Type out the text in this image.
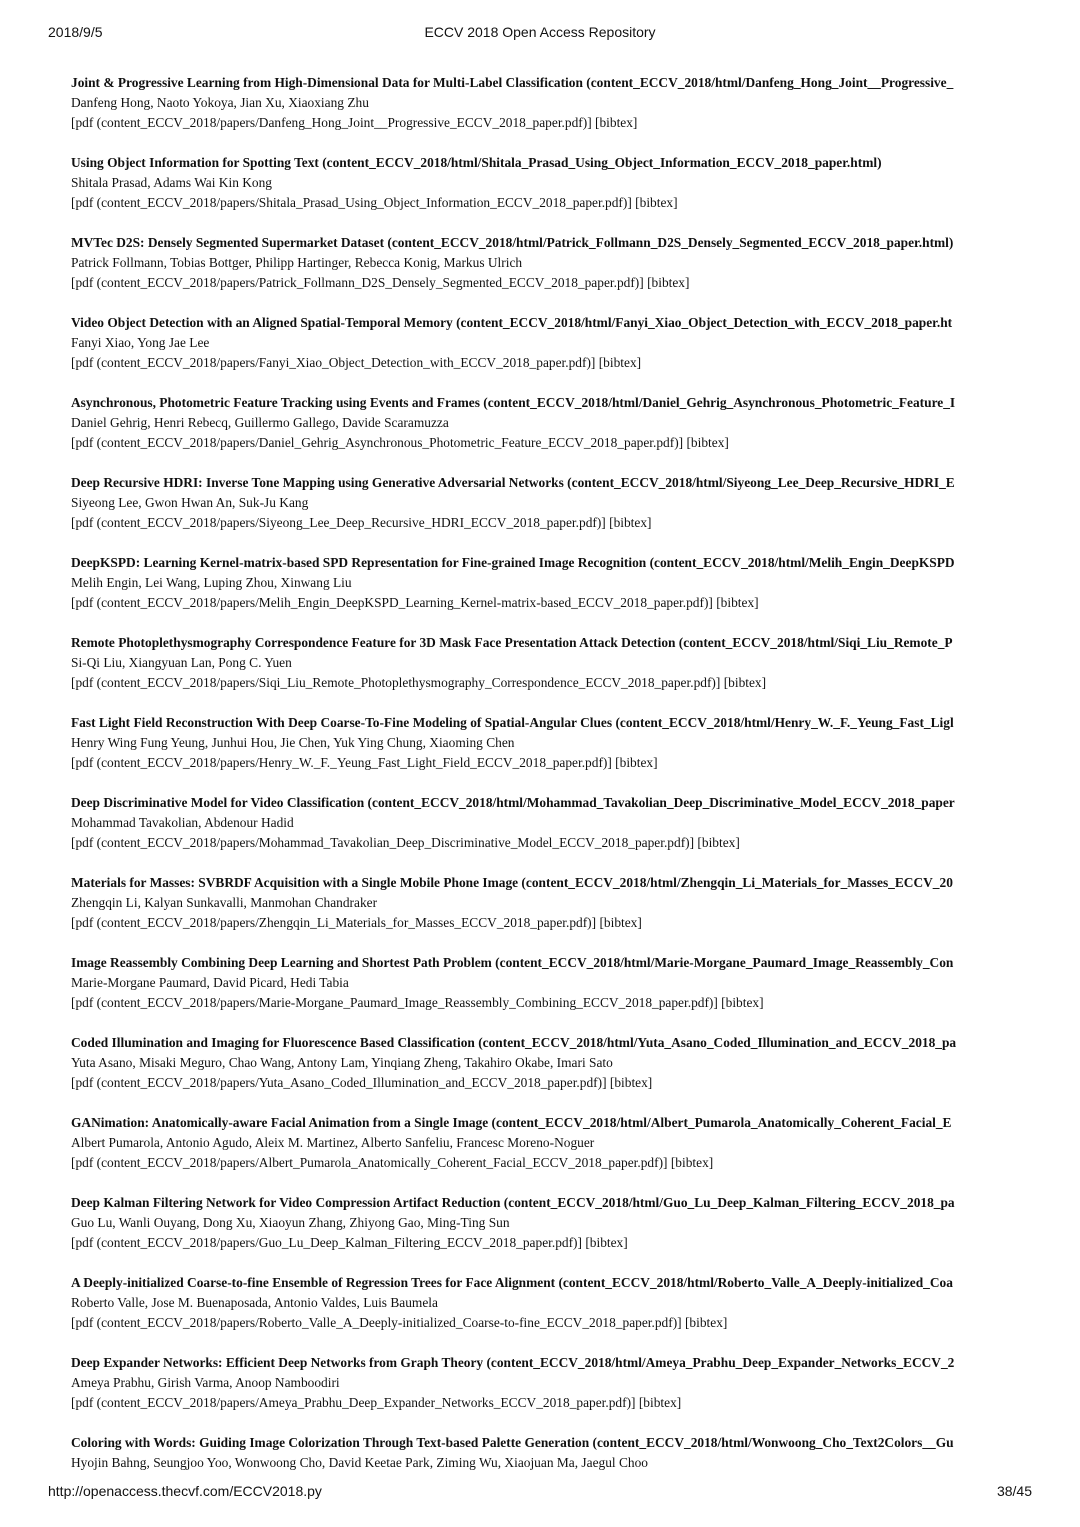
2018/9/5	ECCV 2018 Open Access Repository
Joint & Progressive Learning from High-Dimensional Data for Multi-Label Classification (content_ECCV_2018/html/Danfeng_Hong_Joint__Progressive_
Danfeng Hong, Naoto Yokoya, Jian Xu, Xiaoxiang Zhu
[pdf (content_ECCV_2018/papers/Danfeng_Hong_Joint__Progressive_ECCV_2018_paper.pdf)] [bibtex]
Using Object Information for Spotting Text (content_ECCV_2018/html/Shitala_Prasad_Using_Object_Information_ECCV_2018_paper.html)
Shitala Prasad, Adams Wai Kin Kong
[pdf (content_ECCV_2018/papers/Shitala_Prasad_Using_Object_Information_ECCV_2018_paper.pdf)] [bibtex]
MVTec D2S: Densely Segmented Supermarket Dataset (content_ECCV_2018/html/Patrick_Follmann_D2S_Densely_Segmented_ECCV_2018_paper.html)
Patrick Follmann, Tobias Bottger, Philipp Hartinger, Rebecca Konig, Markus Ulrich
[pdf (content_ECCV_2018/papers/Patrick_Follmann_D2S_Densely_Segmented_ECCV_2018_paper.pdf)] [bibtex]
Video Object Detection with an Aligned Spatial-Temporal Memory (content_ECCV_2018/html/Fanyi_Xiao_Object_Detection_with_ECCV_2018_paper.ht
Fanyi Xiao, Yong Jae Lee
[pdf (content_ECCV_2018/papers/Fanyi_Xiao_Object_Detection_with_ECCV_2018_paper.pdf)] [bibtex]
Asynchronous, Photometric Feature Tracking using Events and Frames (content_ECCV_2018/html/Daniel_Gehrig_Asynchronous_Photometric_Feature_I
Daniel Gehrig, Henri Rebecq, Guillermo Gallego, Davide Scaramuzza
[pdf (content_ECCV_2018/papers/Daniel_Gehrig_Asynchronous_Photometric_Feature_ECCV_2018_paper.pdf)] [bibtex]
Deep Recursive HDRI: Inverse Tone Mapping using Generative Adversarial Networks (content_ECCV_2018/html/Siyeong_Lee_Deep_Recursive_HDRI_E
Siyeong Lee, Gwon Hwan An, Suk-Ju Kang
[pdf (content_ECCV_2018/papers/Siyeong_Lee_Deep_Recursive_HDRI_ECCV_2018_paper.pdf)] [bibtex]
DeepKSPD: Learning Kernel-matrix-based SPD Representation for Fine-grained Image Recognition (content_ECCV_2018/html/Melih_Engin_DeepKSPD
Melih Engin, Lei Wang, Luping Zhou, Xinwang Liu
[pdf (content_ECCV_2018/papers/Melih_Engin_DeepKSPD_Learning_Kernel-matrix-based_ECCV_2018_paper.pdf)] [bibtex]
Remote Photoplethysmography Correspondence Feature for 3D Mask Face Presentation Attack Detection (content_ECCV_2018/html/Siqi_Liu_Remote_P
Si-Qi Liu, Xiangyuan Lan, Pong C. Yuen
[pdf (content_ECCV_2018/papers/Siqi_Liu_Remote_Photoplethysmography_Correspondence_ECCV_2018_paper.pdf)] [bibtex]
Fast Light Field Reconstruction With Deep Coarse-To-Fine Modeling of Spatial-Angular Clues (content_ECCV_2018/html/Henry_W._F._Yeung_Fast_Ligl
Henry Wing Fung Yeung, Junhui Hou, Jie Chen, Yuk Ying Chung, Xiaoming Chen
[pdf (content_ECCV_2018/papers/Henry_W._F._Yeung_Fast_Light_Field_ECCV_2018_paper.pdf)] [bibtex]
Deep Discriminative Model for Video Classification (content_ECCV_2018/html/Mohammad_Tavakolian_Deep_Discriminative_Model_ECCV_2018_paper
Mohammad Tavakolian, Abdenour Hadid
[pdf (content_ECCV_2018/papers/Mohammad_Tavakolian_Deep_Discriminative_Model_ECCV_2018_paper.pdf)] [bibtex]
Materials for Masses: SVBRDF Acquisition with a Single Mobile Phone Image (content_ECCV_2018/html/Zhengqin_Li_Materials_for_Masses_ECCV_20
Zhengqin Li, Kalyan Sunkavalli, Manmohan Chandraker
[pdf (content_ECCV_2018/papers/Zhengqin_Li_Materials_for_Masses_ECCV_2018_paper.pdf)] [bibtex]
Image Reassembly Combining Deep Learning and Shortest Path Problem (content_ECCV_2018/html/Marie-Morgane_Paumard_Image_Reassembly_Con
Marie-Morgane Paumard, David Picard, Hedi Tabia
[pdf (content_ECCV_2018/papers/Marie-Morgane_Paumard_Image_Reassembly_Combining_ECCV_2018_paper.pdf)] [bibtex]
Coded Illumination and Imaging for Fluorescence Based Classification (content_ECCV_2018/html/Yuta_Asano_Coded_Illumination_and_ECCV_2018_pa
Yuta Asano, Misaki Meguro, Chao Wang, Antony Lam, Yinqiang Zheng, Takahiro Okabe, Imari Sato
[pdf (content_ECCV_2018/papers/Yuta_Asano_Coded_Illumination_and_ECCV_2018_paper.pdf)] [bibtex]
GANimation: Anatomically-aware Facial Animation from a Single Image (content_ECCV_2018/html/Albert_Pumarola_Anatomically_Coherent_Facial_E
Albert Pumarola, Antonio Agudo, Aleix M. Martinez, Alberto Sanfeliu, Francesc Moreno-Noguer
[pdf (content_ECCV_2018/papers/Albert_Pumarola_Anatomically_Coherent_Facial_ECCV_2018_paper.pdf)] [bibtex]
Deep Kalman Filtering Network for Video Compression Artifact Reduction (content_ECCV_2018/html/Guo_Lu_Deep_Kalman_Filtering_ECCV_2018_pa
Guo Lu, Wanli Ouyang, Dong Xu, Xiaoyun Zhang, Zhiyong Gao, Ming-Ting Sun
[pdf (content_ECCV_2018/papers/Guo_Lu_Deep_Kalman_Filtering_ECCV_2018_paper.pdf)] [bibtex]
A Deeply-initialized Coarse-to-fine Ensemble of Regression Trees for Face Alignment (content_ECCV_2018/html/Roberto_Valle_A_Deeply-initialized_Coa
Roberto Valle, Jose M. Buenaposada, Antonio Valdes, Luis Baumela
[pdf (content_ECCV_2018/papers/Roberto_Valle_A_Deeply-initialized_Coarse-to-fine_ECCV_2018_paper.pdf)] [bibtex]
Deep Expander Networks: Efficient Deep Networks from Graph Theory (content_ECCV_2018/html/Ameya_Prabhu_Deep_Expander_Networks_ECCV_2
Ameya Prabhu, Girish Varma, Anoop Namboodiri
[pdf (content_ECCV_2018/papers/Ameya_Prabhu_Deep_Expander_Networks_ECCV_2018_paper.pdf)] [bibtex]
Coloring with Words: Guiding Image Colorization Through Text-based Palette Generation (content_ECCV_2018/html/Wonwoong_Cho_Text2Colors__Gu
Hyojin Bahng, Seungjoo Yoo, Wonwoong Cho, David Keetae Park, Ziming Wu, Xiaojuan Ma, Jaegul Choo
http://openaccess.thecvf.com/ECCV2018.py	38/45
